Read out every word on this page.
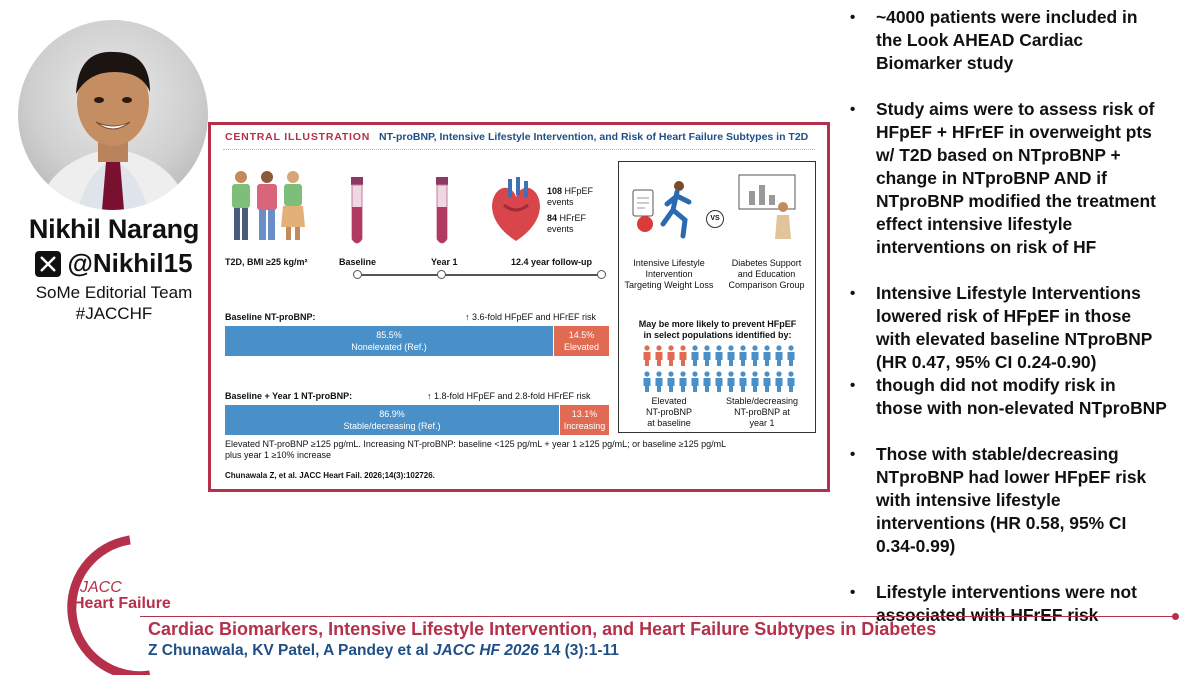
Nikhil Narang
@Nikhil15
SoMe Editorial Team
#JACCHF
CENTRAL ILLUSTRATION NT-proBNP, Intensive Lifestyle Intervention, and Risk of Heart Failure Subtypes in T2D
T2D, BMI ≥25 kg/m²
108 HFpEF
events
84 HFrEF
events
Baseline	Year 1	12.4 year follow-up
Baseline NT-proBNP:	↑ 3.6-fold HFpEF and HFrEF risk
85.5%
Nonelevated (Ref.)
14.5%
Elevated
Baseline + Year 1 NT-proBNP:	↑ 1.8-fold HFpEF and 2.8-fold HFrEF risk
86.9%
Stable/decreasing (Ref.)
13.1%
Increasing
Elevated NT-proBNP ≥125 pg/mL. Increasing NT-proBNP: baseline <125 pg/mL + year 1 ≥125 pg/mL; or baseline ≥125 pg/mL
plus year 1 ≥10% increase
Chunawala Z, et al. JACC Heart Fail. 2026;14(3):102726.
VS
Intensive Lifestyle
Intervention
Targeting Weight Loss
Diabetes Support
and Education
Comparison Group
May be more likely to prevent HFpEF
in select populations identified by:
Elevated
NT-proBNP
at baseline
Stable/decreasing
NT-proBNP at
year 1
•	~4000 patients were included in
the Look AHEAD Cardiac
Biomarker study
•	Study aims were to assess risk of
HFpEF + HFrEF in overweight pts
w/ T2D based on NTproBNP +
change in NTproBNP AND if
NTproBNP modified the treatment
effect intensive lifestyle
interventions on risk of HF
•	Intensive Lifestyle Interventions
lowered risk of HFpEF in those
with elevated baseline NTproBNP
(HR 0.47, 95% CI 0.24-0.90)
•	though did not modify risk in
those with non-elevated NTproBNP
•	Those with stable/decreasing
NTproBNP had lower HFpEF risk
with intensive lifestyle
interventions (HR 0.58, 95% CI
0.34-0.99)
•	Lifestyle interventions were not
associated with HFrEF risk
JACC
Heart Failure
Cardiac Biomarkers, Intensive Lifestyle Intervention, and Heart Failure Subtypes in Diabetes
Z Chunawala, KV Patel, A Pandey et al JACC HF 2026 14 (3):1-11
